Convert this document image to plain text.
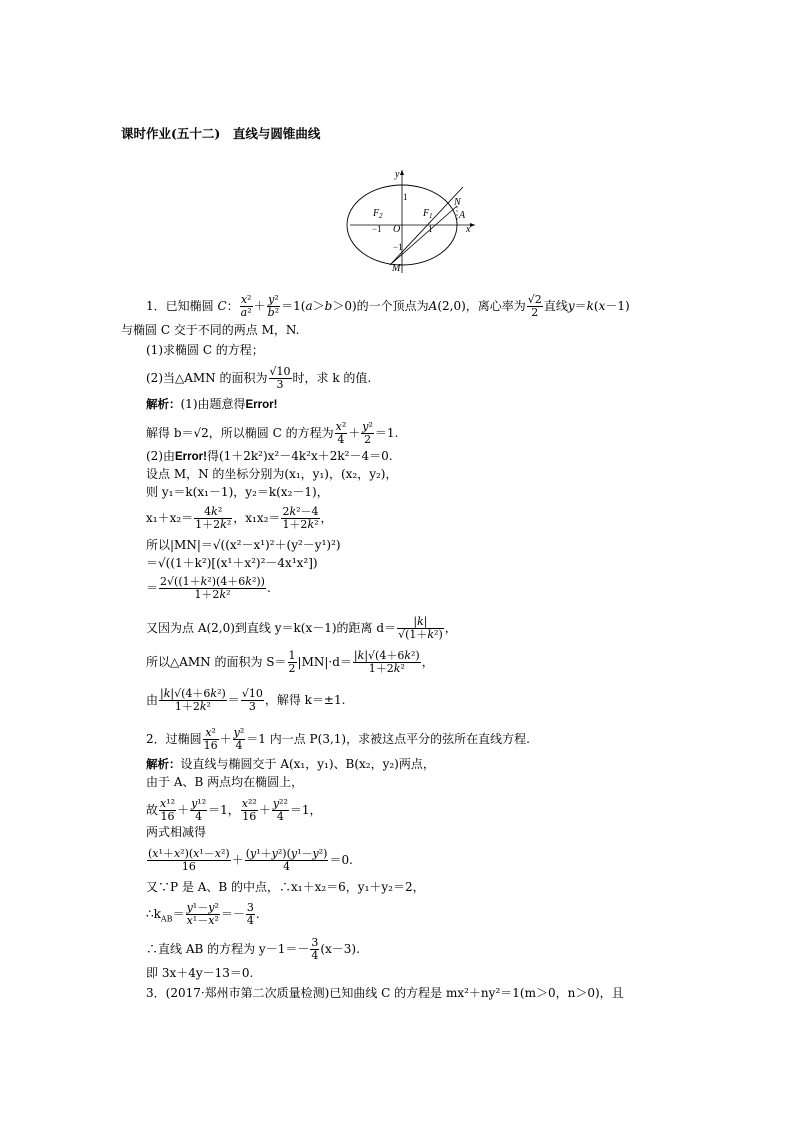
课时作业(五十二)　直线与圆锥曲线
y
x
O
F 1
F 2	A
N
M
1
−1	1
−1
1．已知椭圆 C： $\frac{\text{x²}}{\text{a²}} + \frac{\text{y²}}{\text{b²}} =1(a>b>0)$的一个顶点为A(2,0)，离心率为 $\frac{√2}{2}$ 直线y＝k(x－1)
与椭圆 C 交于不同的两点 M，N.
(1)求椭圆 C 的方程；
(2)当△AMN 的面积为 $\frac{√10}{3}$ 时，求 k 的值.
解析：(1)由题意得Error!
解得 b＝√2，所以椭圆 C 的方程为 $\frac{\text{x²}}{4} + \frac{\text{y²}}{2} =1$.
(2)由Error!得(1＋2k²)x²－4k²x＋2k²－4＝0.
设点 M，N 的坐标分别为(x₁，y₁)，(x₂，y₂)，
则 y₁＝k(x₁－1)，y₂＝k(x₂－1)，
$x_1+x_2= \frac{\text{4k²}}{\text{1＋2k²}}$ ，$x_1x_2= \frac{\text{2k²－4}}{\text{1＋2k²}}$ ，
所以|MN|＝√((x²－x¹)²＋(y²－y¹)²)
＝√((1＋k²)[(x¹＋x²)²－4x¹x²])
＝ $\frac{\text{2√((1＋k²)(4＋6k²))}}{\text{1＋2k²}}$ .
又因为点 A(2,0)到直线 y＝k(x－1)的距离 $d= \frac{|k|}{\text{√(1＋k²)}}$ ，
所以△AMN 的面积为 $S= \frac{1}{2} |MN|\cdot d= \frac{\text{|k|√(4＋6k²)}}{\text{1＋2k²}}$ ，
由 $\frac{\text{|k|√(4＋6k²)}}{\text{1＋2k²}} = \frac{√10}{3}$ ，解得 k＝±1.
2．过椭圆 $\frac{\text{x²}}{16} + \frac{\text{y²}}{4} =1$ 内一点 P(3,1)，求被这点平分的弦所在直线方程.
解析：设直线与椭圆交于 A(x₁，y₁)、B(x₂，y₂)两点，
由于 A、B 两点均在椭圆上，
故 $\frac{\text{x¹²}}{16} + \frac{\text{y¹²}}{4} =1$， $\frac{\text{x²²}}{16} + \frac{\text{y²²}}{4} =1$，
两式相减得
$\frac{\text{(x¹＋x²)(x¹－x²)}}{16} + \frac{\text{(y¹＋y²)(y¹－y²)}}{4} =0$.
又∵P 是 A、B 的中点，∴x₁＋x₂＝6，y₁＋y₂＝2，
$\therefore k_{AB}= \frac{\text{y¹－y²}}{\text{x¹－x²}} =- \frac{3}{4}$ .
∴直线 AB 的方程为 $y-1=- \frac{3}{4} (x-3)$.
即 3x＋4y－13＝0.
3．(2017·郑州市第二次质量检测)已知曲线 C 的方程是 mx²＋ny²＝1(m＞0，n＞0)，且
